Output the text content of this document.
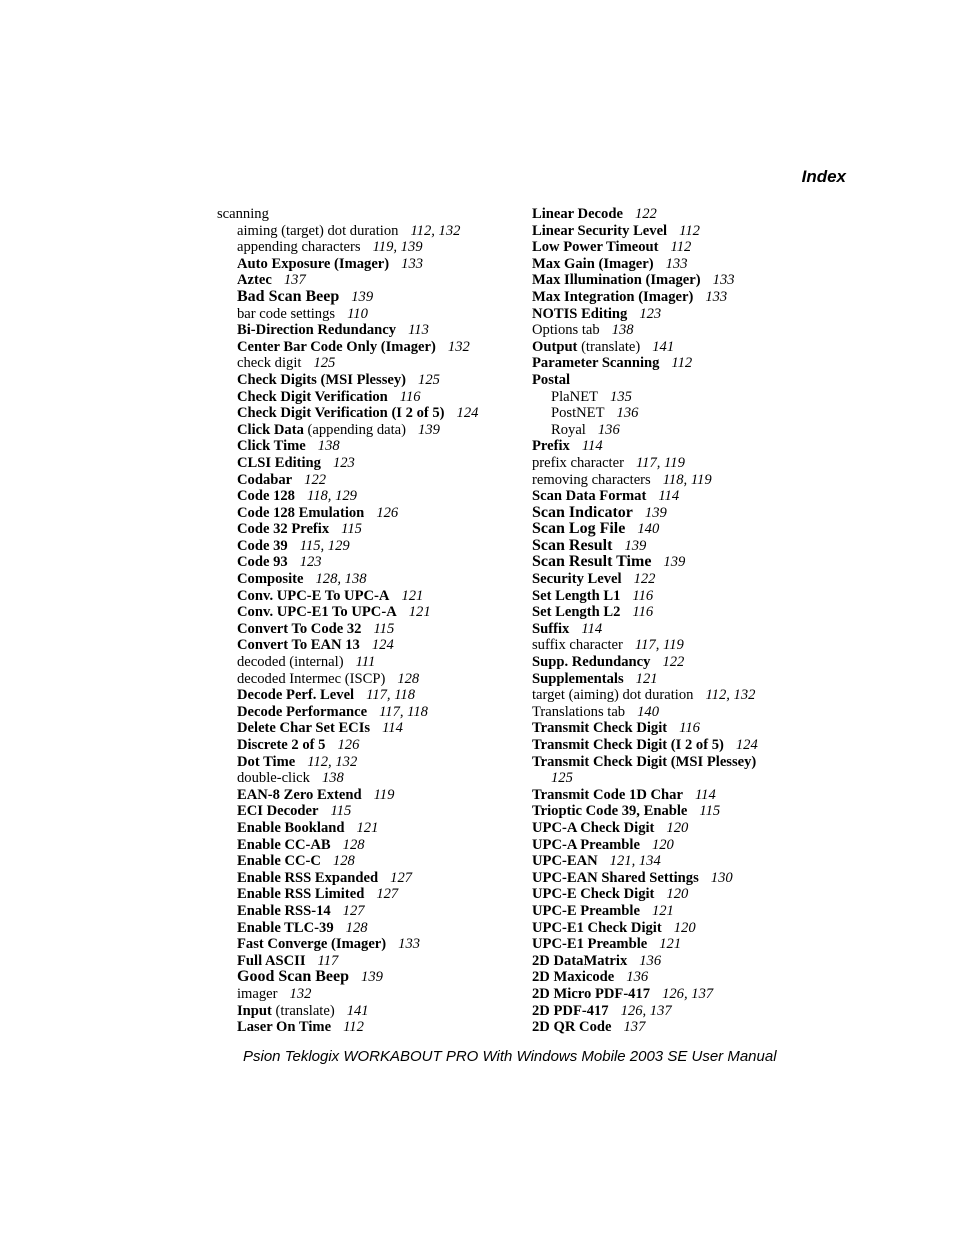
Index
scanning
aiming (target) dot duration 112, 132
appending characters 119, 139
Auto Exposure (Imager) 133
Aztec 137
Bad Scan Beep 139
bar code settings 110
Bi-Direction Redundancy 113
Center Bar Code Only (Imager) 132
check digit 125
Check Digits (MSI Plessey) 125
Check Digit Verification 116
Check Digit Verification (I 2 of 5) 124
Click Data (appending data) 139
Click Time 138
CLSI Editing 123
Codabar 122
Code 128 118, 129
Code 128 Emulation 126
Code 32 Prefix 115
Code 39 115, 129
Code 93 123
Composite 128, 138
Conv. UPC-E To UPC-A 121
Conv. UPC-E1 To UPC-A 121
Convert To Code 32 115
Convert To EAN 13 124
decoded (internal) 111
decoded Intermec (ISCP) 128
Decode Perf. Level 117, 118
Decode Performance 117, 118
Delete Char Set ECIs 114
Discrete 2 of 5 126
Dot Time 112, 132
double-click 138
EAN-8 Zero Extend 119
ECI Decoder 115
Enable Bookland 121
Enable CC-AB 128
Enable CC-C 128
Enable RSS Expanded 127
Enable RSS Limited 127
Enable RSS-14 127
Enable TLC-39 128
Fast Converge (Imager) 133
Full ASCII 117
Good Scan Beep 139
imager 132
Input (translate) 141
Laser On Time 112
Linear Decode 122
Linear Security Level 112
Low Power Timeout 112
Max Gain (Imager) 133
Max Illumination (Imager) 133
Max Integration (Imager) 133
NOTIS Editing 123
Options tab 138
Output (translate) 141
Parameter Scanning 112
Postal
PlaNET 135
PostNET 136
Royal 136
Prefix 114
prefix character 117, 119
removing characters 118, 119
Scan Data Format 114
Scan Indicator 139
Scan Log File 140
Scan Result 139
Scan Result Time 139
Security Level 122
Set Length L1 116
Set Length L2 116
Suffix 114
suffix character 117, 119
Supp. Redundancy 122
Supplementals 121
target (aiming) dot duration 112, 132
Translations tab 140
Transmit Check Digit 116
Transmit Check Digit (I 2 of 5) 124
Transmit Check Digit (MSI Plessey)
125
Transmit Code 1D Char 114
Trioptic Code 39, Enable 115
UPC-A Check Digit 120
UPC-A Preamble 120
UPC-EAN 121, 134
UPC-EAN Shared Settings 130
UPC-E Check Digit 120
UPC-E Preamble 121
UPC-E1 Check Digit 120
UPC-E1 Preamble 121
2D DataMatrix 136
2D Maxicode 136
2D Micro PDF-417 126, 137
2D PDF-417 126, 137
2D QR Code 137
Psion Teklogix WORKABOUT PRO With Windows Mobile 2003 SE User Manual
